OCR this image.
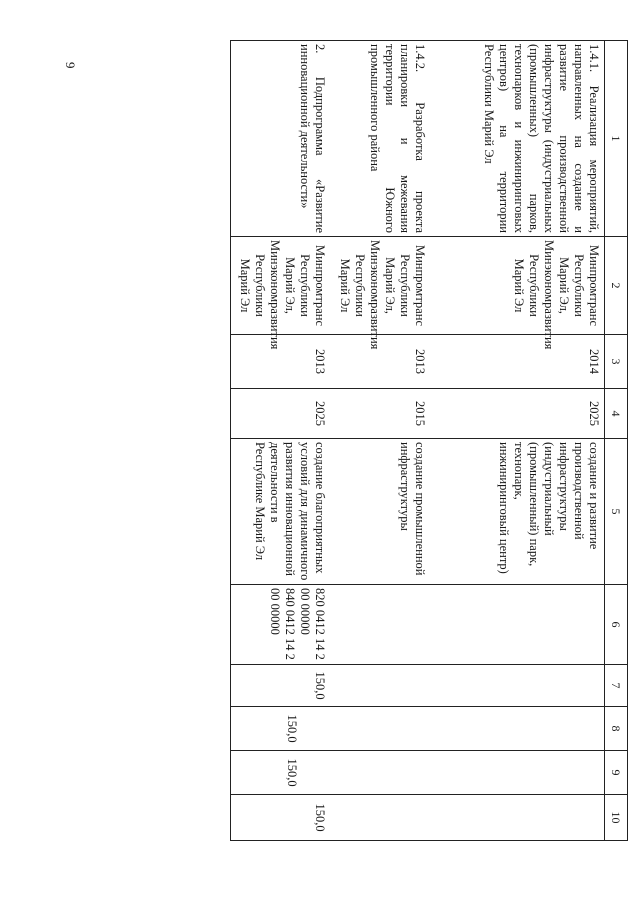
9
1	2	3	4	5	6	7	8	9	10
1.4.1. Реализация мероприятий, направленных на создание и развитие производственной инфраструктуры (индустриальных (промышленных) парков, технопарков и инжиниринговых центров) на территории Республики Марий Эл	Минпромтранс Республики Марий Эл, Минэкономразвития Республики Марий Эл	2014	2025	создание и развитие производственной инфраструктуры (индустриальный (промышленный) парк, технопарк, инжиниринговый центр)	

1.4.2. Разработка проекта планировки и межевания территории Южного промышленного района	Минпромтранс Республики Марий Эл, Минэкономразвития Республики Марий Эл	2013	2015	создание промышленной инфраструктуры	

2. Подпрограмма «Развитие инновационной деятельности»	Минпромтранс Республики Марий Эл, Минэкономразвития Республики Марий Эл	2013	2025	создание благоприятных условий для динамичного развития инновационной деятельности в Республике Марий Эл	820 0412 14 2 00 00000
840 0412 14 2 00 00000	150,0	150,0	150,0	150,0
